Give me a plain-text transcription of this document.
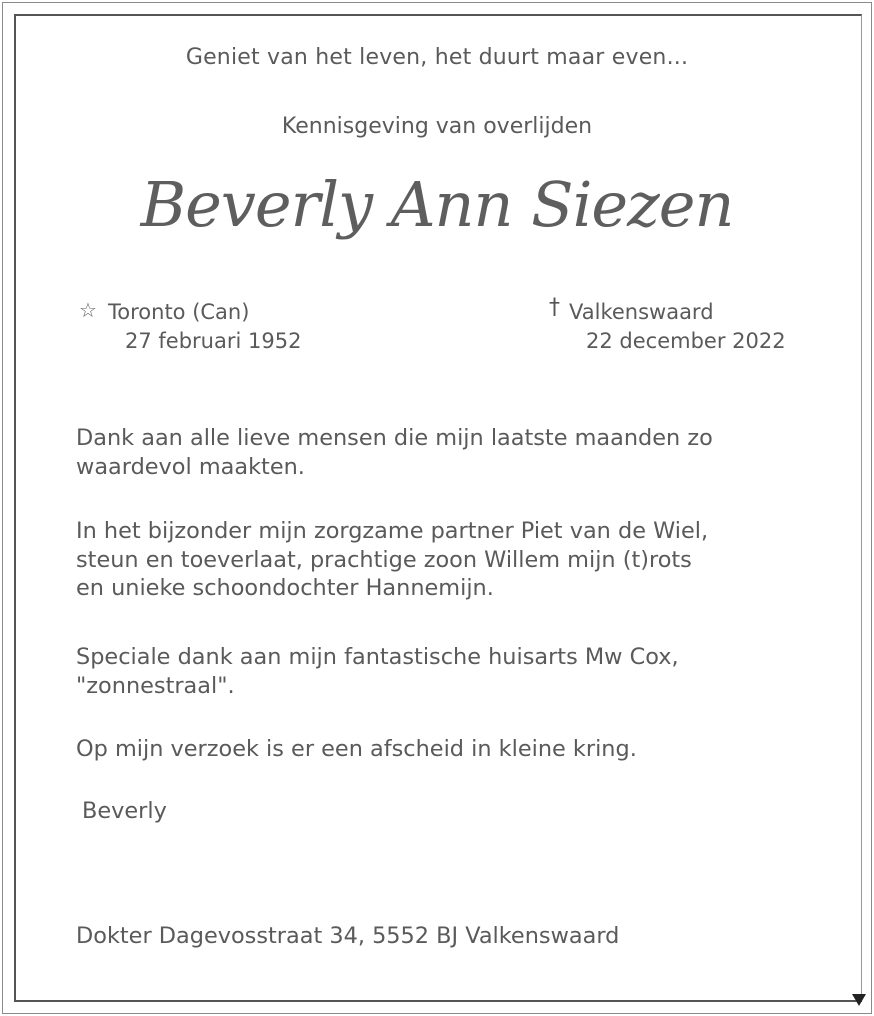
Geniet van het leven, het duurt maar even...
Kennisgeving van overlijden
Beverly Ann Siezen
☆ Toronto (Can)
27 februari 1952
† Valkenswaard
22 december 2022
Dank aan alle lieve mensen die mijn laatste maanden zo
waardevol maakten.
In het bijzonder mijn zorgzame partner Piet van de Wiel,
steun en toeverlaat, prachtige zoon Willem mijn (t)rots
en unieke schoondochter Hannemijn.
Speciale dank aan mijn fantastische huisarts Mw Cox,
"zonnestraal".
Op mijn verzoek is er een afscheid in kleine kring.
Beverly
Dokter Dagevosstraat 34, 5552 BJ Valkenswaard
